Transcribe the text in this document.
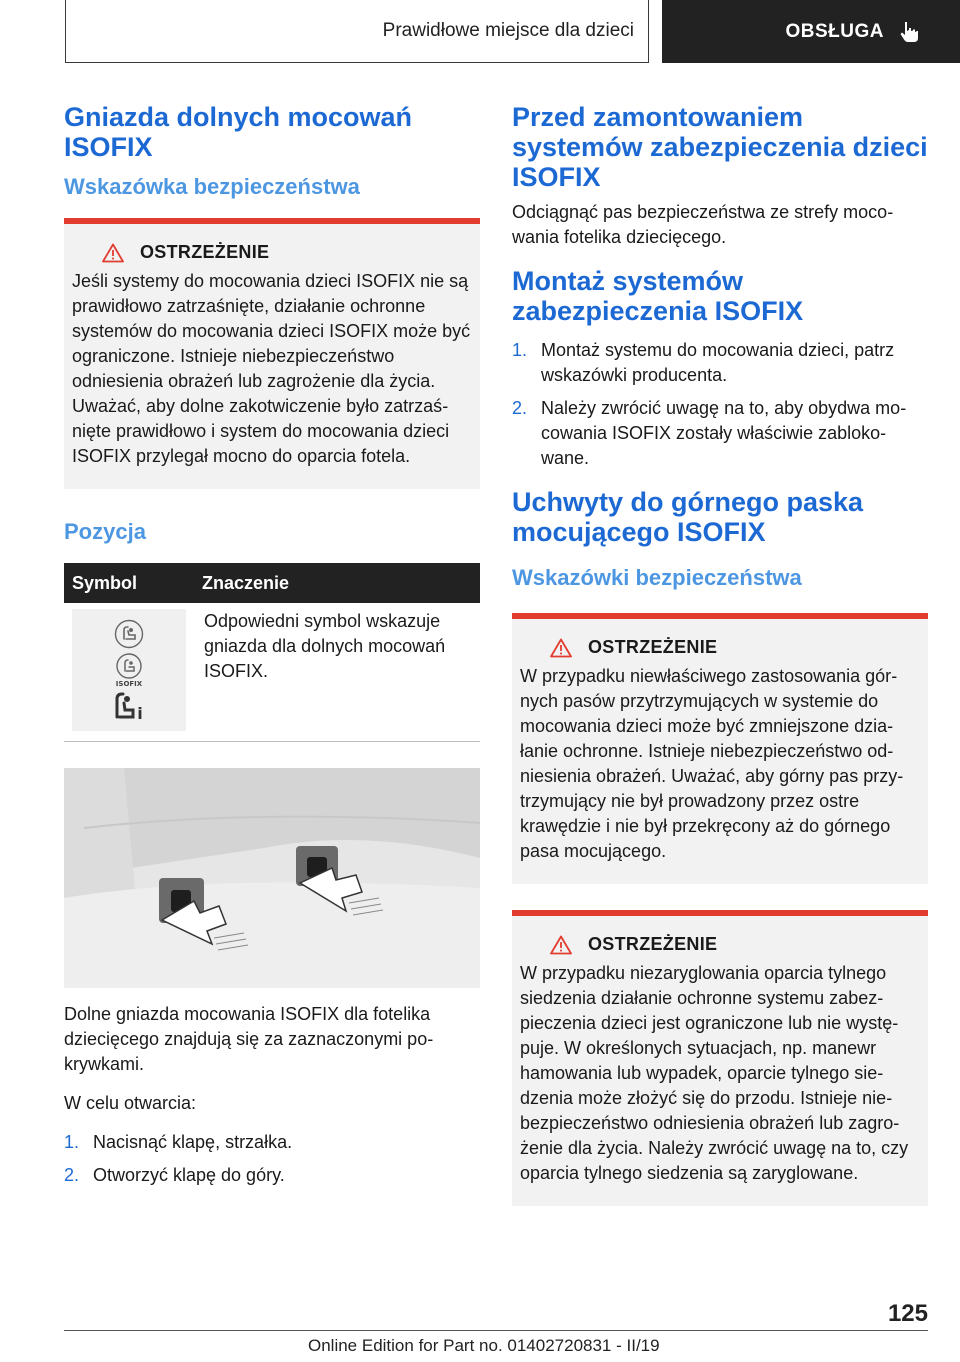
Prawidłowe miejsce dla dzieci	OBSŁUGA
Gniazda dolnych mocowań ISOFIX
Wskazówka bezpieczeństwa
OSTRZEŻENIE

Jeśli systemy do mocowania dzieci ISOFIX nie są prawidłowo zatrzaśnięte, działanie ochronne systemów do mocowania dzieci ISOFIX może być ograniczone. Istnieje niebezpieczeństwo odniesienia obrażeń lub zagrożenie dla życia. Uważać, aby dolne zakotwiczenie było zatrzaśnięte prawidłowo i system do mocowania dzieci ISOFIX przylegał mocno do oparcia fotela.

Pozycja
Symbol	Znaczenie

ISOFIX
i	Odpowiedni symbol wskazuje gniazda dla dolnych mocowań ISOFIX.

Dolne gniazda mocowania ISOFIX dla fotelika dziecięcego znajdują się za zaznaczonymi pokrywkami.

W celu otwarcia:

1. Nacisnąć klapę, strzałka.
2. Otworzyć klapę do góry.
Przed zamontowaniem systemów zabezpieczenia dzieci ISOFIX

Odciągnąć pas bezpieczeństwa ze strefy mocowania fotelika dziecięcego.

Montaż systemów zabezpieczenia ISOFIX
1. Montaż systemu do mocowania dzieci, patrz wskazówki producenta.
2. Należy zwrócić uwagę na to, aby obydwa mocowania ISOFIX zostały właściwie zablokowane.
Uchwyty do górnego paska mocującego ISOFIX
Wskazówki bezpieczeństwa
OSTRZEŻENIE

W przypadku niewłaściwego zastosowania górnych pasów przytrzymujących w systemie do mocowania dzieci może być zmniejszone działanie ochronne. Istnieje niebezpieczeństwo odniesienia obrażeń. Uważać, aby górny pas przytrzymujący nie był prowadzony przez ostre krawędzie i nie był przekręcony aż do górnego pasa mocującego.

OSTRZEŻENIE

W przypadku niezaryglowania oparcia tylnego siedzenia działanie ochronne systemu zabezpieczenia dzieci jest ograniczone lub nie występuje. W określonych sytuacjach, np. manewr hamowania lub wypadek, oparcie tylnego siedzenia może złożyć się do przodu. Istnieje niebezpieczeństwo odniesienia obrażeń lub zagrożenie dla życia. Należy zwrócić uwagę na to, czy oparcia tylnego siedzenia są zaryglowane.

125
Online Edition for Part no. 01402720831 - II/19
